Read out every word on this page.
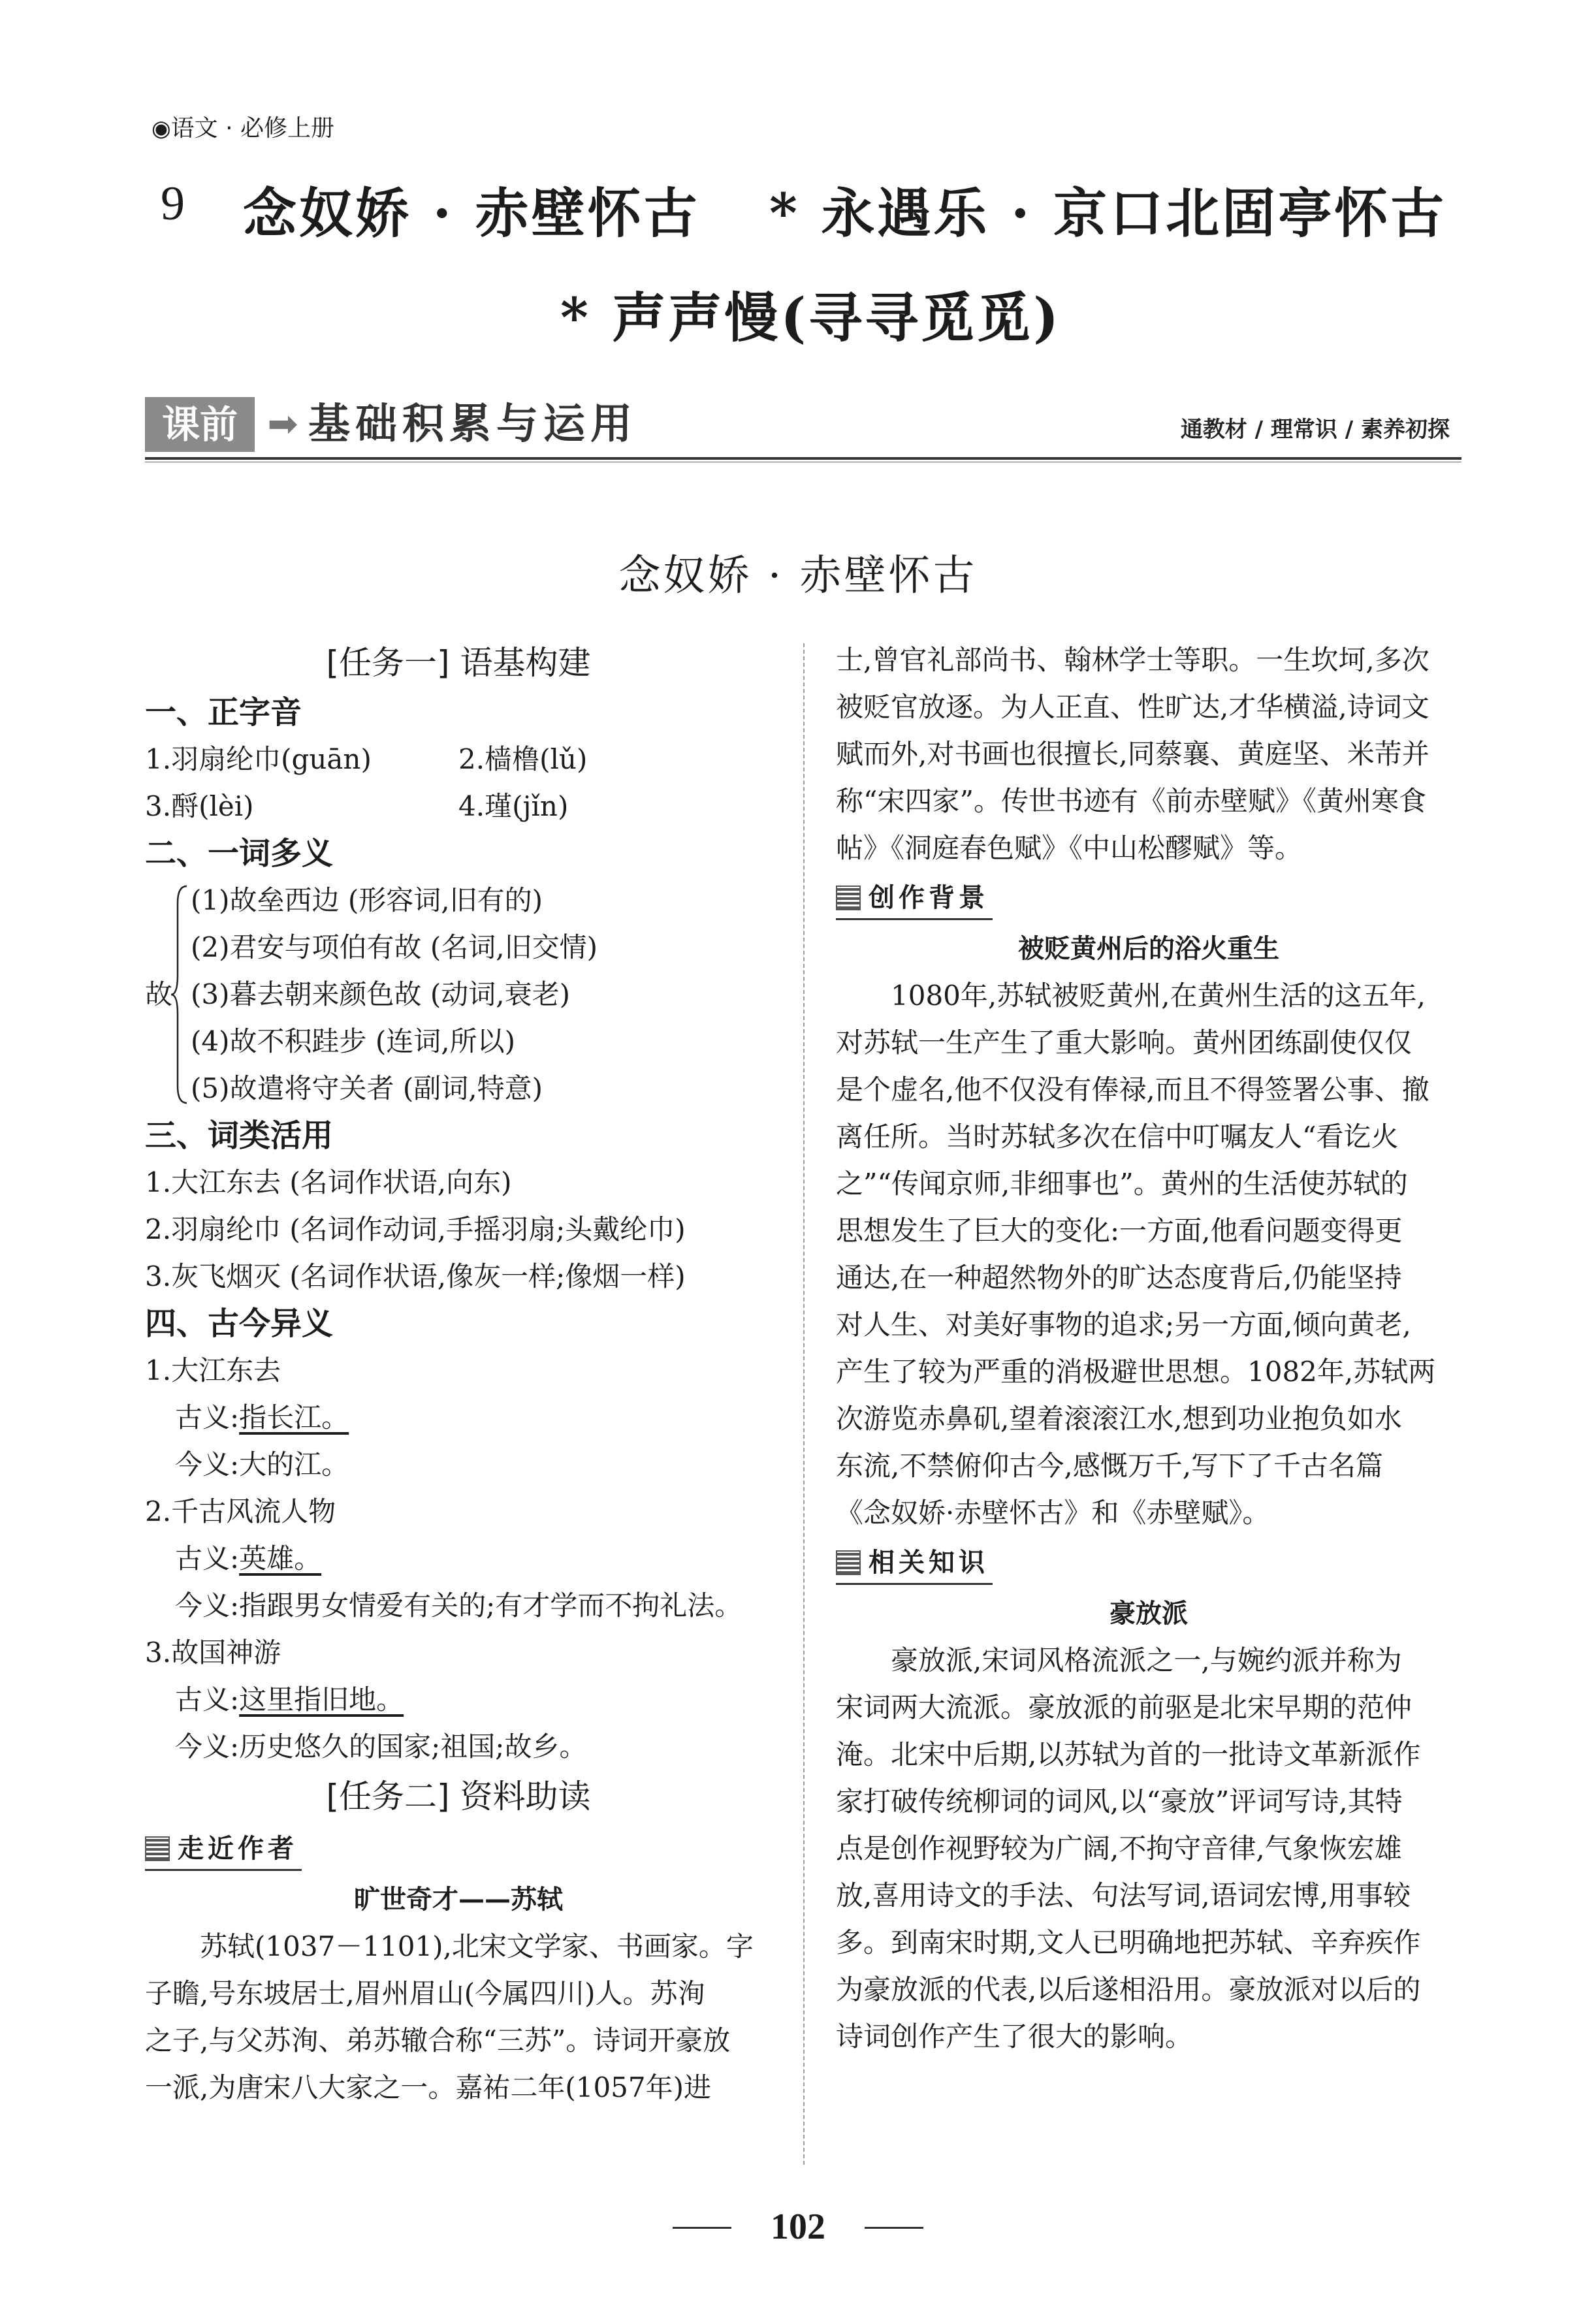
◉语文 · 必修上册
9 念奴娇 · 赤壁怀古 * 永遇乐 · 京口北固亭怀古
* 声声慢(寻寻觅觅)
课前 ➡ 基础积累与运用	通教材 / 理常识 / 素养初探
念奴娇 · 赤壁怀古
[任务一] 语基构建
一、正字音
1.羽扇纶巾(guān)	2.樯橹(lǔ)
3.酹(lèi)	4.瑾(jǐn)
二、一词多义
故
(1)故垒西边 (形容词,旧有的)
(2)君安与项伯有故 (名词,旧交情)
(3)暮去朝来颜色故 (动词,衰老)
(4)故不积跬步 (连词,所以)
(5)故遣将守关者 (副词,特意)
三、词类活用
1.大江东去 (名词作状语,向东)
2.羽扇纶巾 (名词作动词,手摇羽扇;头戴纶巾)
3.灰飞烟灭 (名词作状语,像灰一样;像烟一样)
四、古今异义
1.大江东去
古义:指长江。
今义:大的江。
2.千古风流人物
古义:英雄。
今义:指跟男女情爱有关的;有才学而不拘礼法。
3.故国神游
古义:这里指旧地。
今义:历史悠久的国家;祖国;故乡。
[任务二] 资料助读
走近作者
旷世奇才——苏轼
苏轼(1037－1101),北宋文学家、书画家。字
子瞻,号东坡居士,眉州眉山(今属四川)人。苏洵
之子,与父苏洵、弟苏辙合称“三苏”。诗词开豪放
一派,为唐宋八大家之一。嘉祐二年(1057年)进
士,曾官礼部尚书、翰林学士等职。一生坎坷,多次
被贬官放逐。为人正直、性旷达,才华横溢,诗词文
赋而外,对书画也很擅长,同蔡襄、黄庭坚、米芾并
称“宋四家”。传世书迹有《前赤壁赋》《黄州寒食
帖》《洞庭春色赋》《中山松醪赋》等。
创作背景
被贬黄州后的浴火重生
1080年,苏轼被贬黄州,在黄州生活的这五年,
对苏轼一生产生了重大影响。黄州团练副使仅仅
是个虚名,他不仅没有俸禄,而且不得签署公事、撤
离任所。当时苏轼多次在信中叮嘱友人“看讫火
之”“传闻京师,非细事也”。黄州的生活使苏轼的
思想发生了巨大的变化:一方面,他看问题变得更
通达,在一种超然物外的旷达态度背后,仍能坚持
对人生、对美好事物的追求;另一方面,倾向黄老,
产生了较为严重的消极避世思想。1082年,苏轼两
次游览赤鼻矶,望着滚滚江水,想到功业抱负如水
东流,不禁俯仰古今,感慨万千,写下了千古名篇
《念奴娇·赤壁怀古》和《赤壁赋》。
相关知识
豪放派
豪放派,宋词风格流派之一,与婉约派并称为
宋词两大流派。豪放派的前驱是北宋早期的范仲
淹。北宋中后期,以苏轼为首的一批诗文革新派作
家打破传统柳词的词风,以“豪放”评词写诗,其特
点是创作视野较为广阔,不拘守音律,气象恢宏雄
放,喜用诗文的手法、句法写词,语词宏博,用事较
多。到南宋时期,文人已明确地把苏轼、辛弃疾作
为豪放派的代表,以后遂相沿用。豪放派对以后的
诗词创作产生了很大的影响。
102
